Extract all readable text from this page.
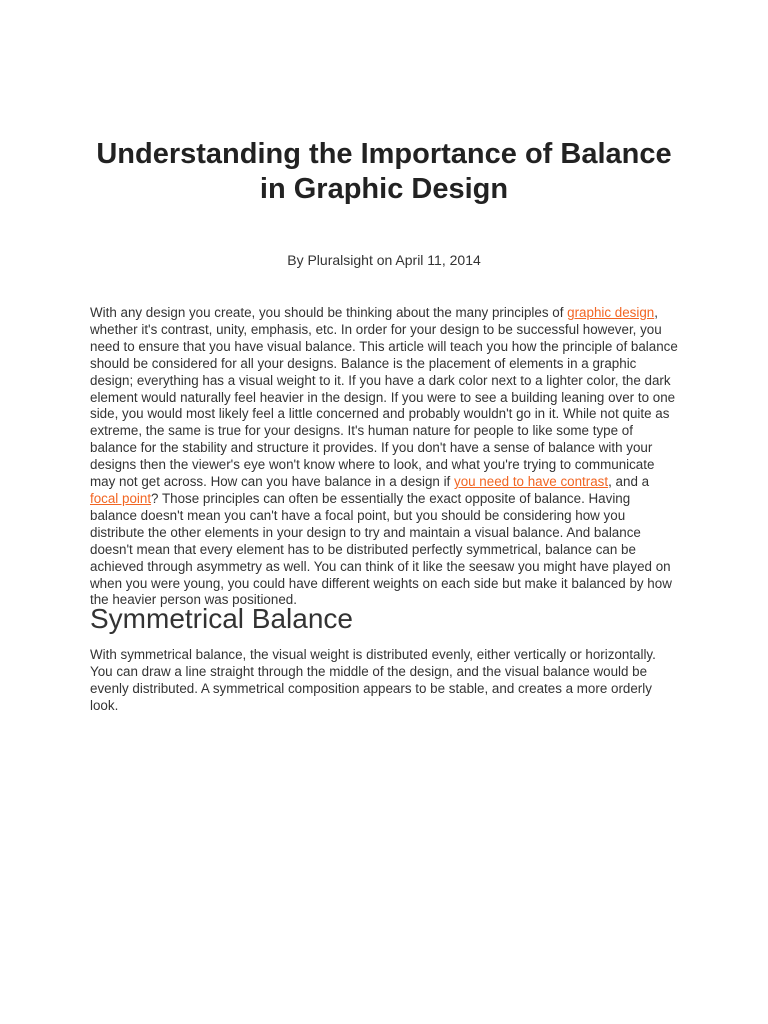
Understanding the Importance of Balance in Graphic Design

By Pluralsight on April 11, 2014

With any design you create, you should be thinking about the many principles of graphic design, whether it's contrast, unity, emphasis, etc. In order for your design to be successful however, you need to ensure that you have visual balance. This article will teach you how the principle of balance should be considered for all your designs. Balance is the placement of elements in a graphic design; everything has a visual weight to it. If you have a dark color next to a lighter color, the dark element would naturally feel heavier in the design. If you were to see a building leaning over to one side, you would most likely feel a little concerned and probably wouldn't go in it. While not quite as extreme, the same is true for your designs. It's human nature for people to like some type of balance for the stability and structure it provides. If you don't have a sense of balance with your designs then the viewer's eye won't know where to look, and what you're trying to communicate may not get across. How can you have balance in a design if you need to have contrast, and a focal point? Those principles can often be essentially the exact opposite of balance. Having balance doesn't mean you can't have a focal point, but you should be considering how you distribute the other elements in your design to try and maintain a visual balance. And balance doesn't mean that every element has to be distributed perfectly symmetrical, balance can be achieved through asymmetry as well. You can think of it like the seesaw you might have played on when you were young, you could have different weights on each side but make it balanced by how the heavier person was positioned.

Symmetrical Balance

With symmetrical balance, the visual weight is distributed evenly, either vertically or horizontally. You can draw a line straight through the middle of the design, and the visual balance would be evenly distributed. A symmetrical composition appears to be stable, and creates a more orderly look.
